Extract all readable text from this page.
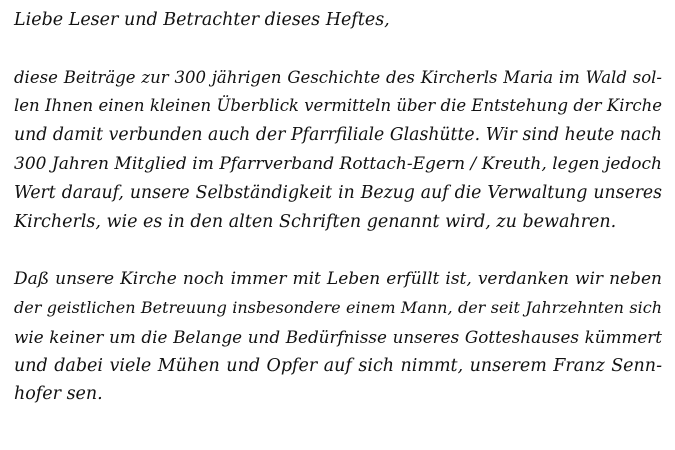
Liebe Leser und Betrachter dieses Heftes,
diese Beiträge zur 300 jährigen Geschichte des Kircherls Maria im Wald sol-
len Ihnen einen kleinen Überblick vermitteln über die Entstehung der Kirche
und damit verbunden auch der Pfarrfiliale Glashütte. Wir sind heute nach
300 Jahren Mitglied im Pfarrverband Rottach-Egern / Kreuth, legen jedoch
Wert darauf, unsere Selbständigkeit in Bezug auf die Verwaltung unseres
Kircherls, wie es in den alten Schriften genannt wird, zu bewahren.
Daß unsere Kirche noch immer mit Leben erfüllt ist, verdanken wir neben
der geistlichen Betreuung insbesondere einem Mann, der seit Jahrzehnten sich
wie keiner um die Belange und Bedürfnisse unseres Gotteshauses kümmert
und dabei viele Mühen und Opfer auf sich nimmt, unserem Franz Senn-
hofer sen.
